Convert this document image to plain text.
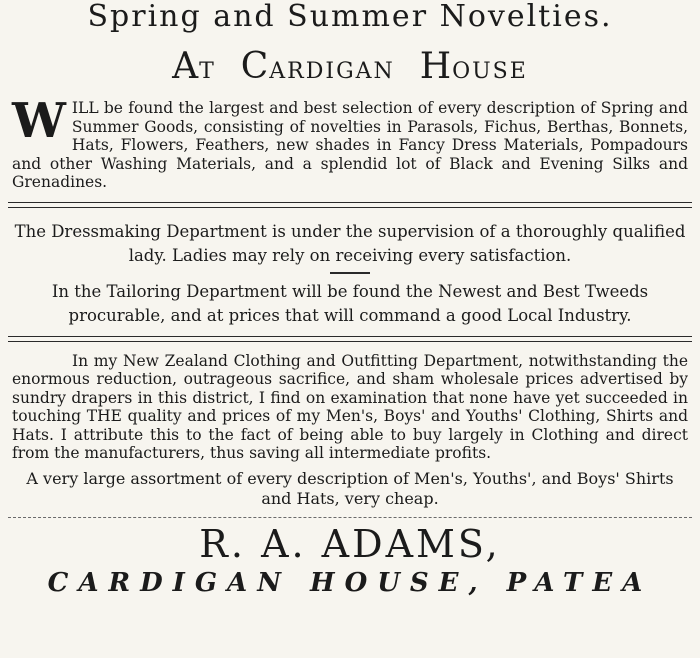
Spring and Summer Novelties.
AT CARDIGAN HOUSE
W ILL be found the largest and best selection of every description of Spring and Summer Goods, consisting of novelties in Parasols, Fichus, Berthas, Bonnets, Hats, Flowers, Feathers, new shades in Fancy Dress Materials, Pompadours and other Washing Materials, and a splendid lot of Black and Evening Silks and Grenadines.

The Dressmaking Department is under the supervision of a thoroughly qualified lady. Ladies may rely on receiving every satisfaction.

In the Tailoring Department will be found the Newest and Best Tweeds procurable, and at prices that will command a good Local Industry.

In my New Zealand Clothing and Outfitting Department, notwithstanding the enormous reduction, outrageous sacrifice, and sham wholesale prices advertised by sundry drapers in this district, I find on examination that none have yet succeeded in touching THE quality and prices of my Men's, Boys' and Youths' Clothing, Shirts and Hats. I attribute this to the fact of being able to buy largely in Clothing and direct from the manufacturers, thus saving all intermediate profits.

A very large assortment of every description of Men's, Youths', and Boys' Shirts and Hats, very cheap.

R. A. ADAMS,
CARDIGAN HOUSE, PATEA
